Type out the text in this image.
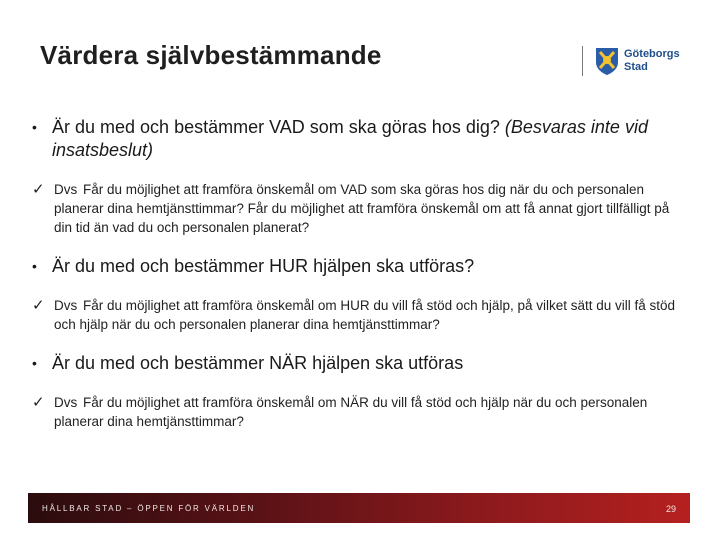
Värdera självbestämmande	Göteborgs
Stad
• Är du med och bestämmer VAD som ska göras hos dig? (Besvaras inte vid insatsbeslut)
✓ Dvs Får du möjlighet att framföra önskemål om VAD som ska göras hos dig när du och personalen planerar dina hemtjänsttimmar? Får du möjlighet att framföra önskemål om att få annat gjort tillfälligt på din tid än vad du och personalen planerat?
• Är du med och bestämmer HUR hjälpen ska utföras?
✓ Dvs Får du möjlighet att framföra önskemål om HUR du vill få stöd och hjälp, på vilket sätt du vill få stöd och hjälp när du och personalen planerar dina hemtjänsttimmar?
• Är du med och bestämmer NÄR hjälpen ska utföras
✓ Dvs Får du möjlighet att framföra önskemål om NÄR du vill få stöd och hjälp när du och personalen planerar dina hemtjänsttimmar?
HÅLLBAR STAD – ÖPPEN FÖR VÄRLDEN	29
